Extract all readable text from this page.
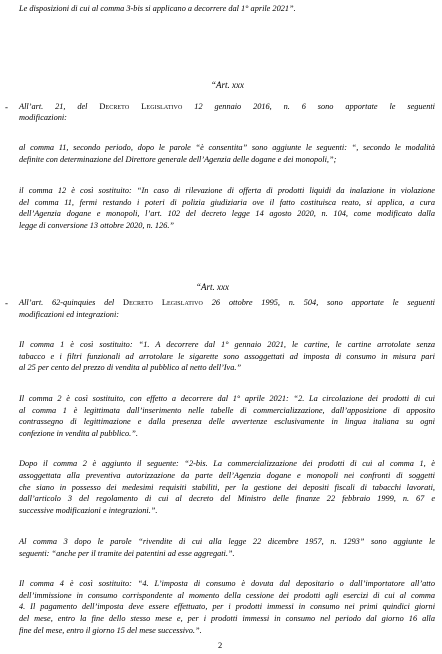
Le disposizioni di cui al comma 3-bis si applicano a decorrere dal 1° aprile 2021”.
“Art. xxx
- All’art. 21, del Decreto Legislativo 12 gennaio 2016, n. 6 sono apportate le seguenti
modificazioni:
al comma 11, secondo periodo, dopo le parole “è consentita” sono aggiunte le seguenti: “, secondo le modalità
definite con determinazione del Direttore generale dell’Agenzia delle dogane e dei monopoli,”;
il comma 12 è così sostituito: “In caso di rilevazione di offerta di prodotti liquidi da inalazione in violazione
del comma 11, fermi restando i poteri di polizia giudiziaria ove il fatto costituisca reato, si applica, a cura
dell’Agenzia dogane e monopoli, l’art. 102 del decreto legge 14 agosto 2020, n. 104, come modificato dalla
legge di conversione 13 ottobre 2020, n. 126.”
“Art. xxx
- All’art. 62-quinquies del Decreto Legislativo 26 ottobre 1995, n. 504, sono apportate le seguenti
modificazioni ed integrazioni:
Il comma 1 è così sostituito: “1. A decorrere dal 1° gennaio 2021, le cartine, le cartine arrotolate senza
tabacco e i filtri funzionali ad arrotolare le sigarette sono assoggettati ad imposta di consumo in misura pari
al 25 per cento del prezzo di vendita al pubblico al netto dell’Iva.”
Il comma 2 è così sostituito, con effetto a decorrere dal 1° aprile 2021: “2. La circolazione dei prodotti di cui
al comma 1 è legittimata dall’inserimento nelle tabelle di commercializzazione, dall’apposizione di apposito
contrassegno di legittimazione e dalla presenza delle avvertenze esclusivamente in lingua italiana su ogni
confezione in vendita al pubblico.”.
Dopo il comma 2 è aggiunto il seguente: “2-bis. La commercializzazione dei prodotti di cui al comma 1, è
assoggettata alla preventiva autorizzazione da parte dell’Agenzia dogane e monopoli nei confronti di soggetti
che siano in possesso dei medesimi requisiti stabiliti, per la gestione dei depositi fiscali di tabacchi lavorati,
dall’articolo 3 del regolamento di cui al decreto del Ministro delle finanze 22 febbraio 1999, n. 67 e
successive modificazioni e integrazioni.”.
Al comma 3 dopo le parole “rivendite di cui alla legge 22 dicembre 1957, n. 1293” sono aggiunte le
seguenti: “anche per il tramite dei patentini ad esse aggregati.”.
Il comma 4 è così sostituito: “4. L’imposta di consumo è dovuta dal depositario o dall’importatore all’atto
dell’immissione in consumo corrispondente al momento della cessione dei prodotti agli esercizi di cui al comma
4. Il pagamento dell’imposta deve essere effettuato, per i prodotti immessi in consumo nei primi quindici giorni
del mese, entro la fine dello stesso mese e, per i prodotti immessi in consumo nel periodo dal giorno 16 alla
fine del mese, entro il giorno 15 del mese successivo.”.
2
